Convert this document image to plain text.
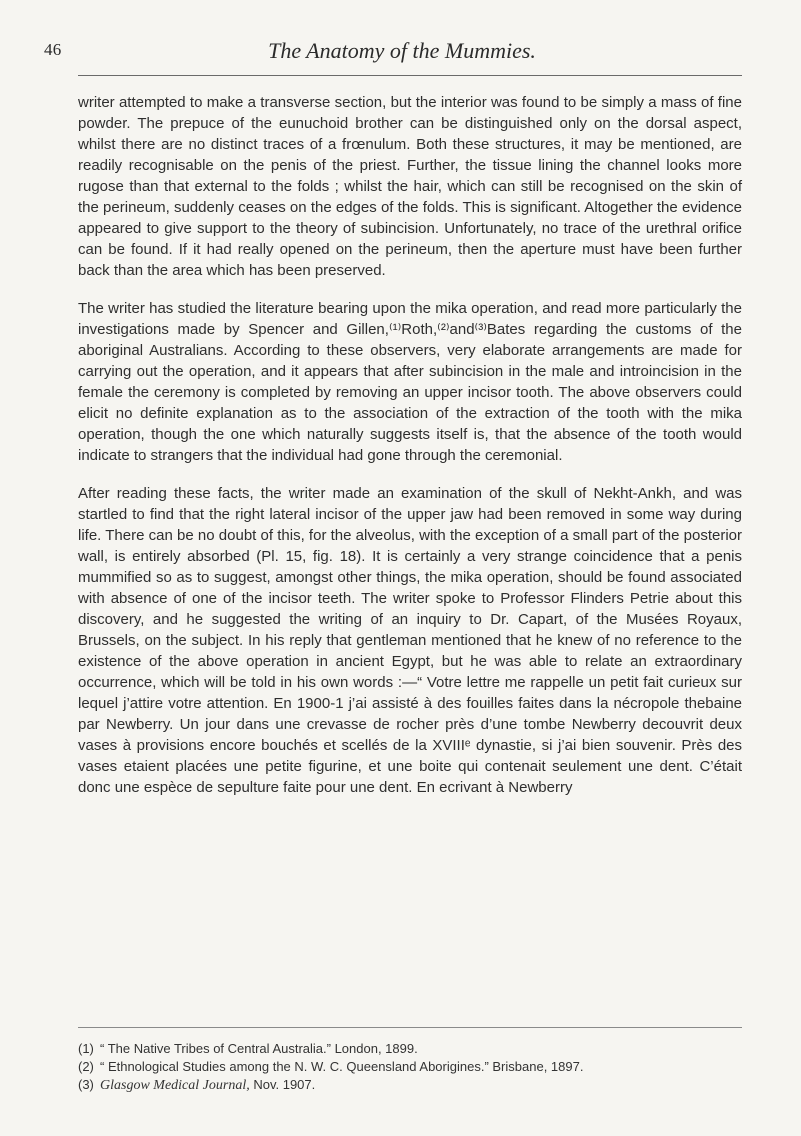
46	The Anatomy of the Mummies.

writer attempted to make a transverse section, but the interior was found to be simply a mass of fine powder. The prepuce of the eunuchoid brother can be distinguished only on the dorsal aspect, whilst there are no distinct traces of a frœnulum. Both these structures, it may be mentioned, are readily recognisable on the penis of the priest. Further, the tissue lining the channel looks more rugose than that external to the folds ; whilst the hair, which can still be recognised on the skin of the perineum, suddenly ceases on the edges of the folds. This is significant. Altogether the evidence appeared to give support to the theory of subincision. Unfortunately, no trace of the urethral orifice can be found. If it had really opened on the perineum, then the aperture must have been further back than the area which has been preserved.

The writer has studied the literature bearing upon the mika operation, and read more particularly the investigations made by Spencer and Gillen,⁽¹⁾Roth,⁽²⁾and⁽³⁾Bates regarding the customs of the aboriginal Australians. According to these observers, very elaborate arrangements are made for carrying out the operation, and it appears that after subincision in the male and introincision in the female the ceremony is completed by removing an upper incisor tooth. The above observers could elicit no definite explanation as to the association of the extraction of the tooth with the mika operation, though the one which naturally suggests itself is, that the absence of the tooth would indicate to strangers that the individual had gone through the ceremonial.

After reading these facts, the writer made an examination of the skull of Nekht-Ankh, and was startled to find that the right lateral incisor of the upper jaw had been removed in some way during life. There can be no doubt of this, for the alveolus, with the exception of a small part of the posterior wall, is entirely absorbed (Pl. 15, fig. 18). It is certainly a very strange coincidence that a penis mummified so as to suggest, amongst other things, the mika operation, should be found associated with absence of one of the incisor teeth. The writer spoke to Professor Flinders Petrie about this discovery, and he suggested the writing of an inquiry to Dr. Capart, of the Musées Royaux, Brussels, on the subject. In his reply that gentleman mentioned that he knew of no reference to the existence of the above operation in ancient Egypt, but he was able to relate an extraordinary occurrence, which will be told in his own words :—“ Votre lettre me rappelle un petit fait curieux sur lequel j’attire votre attention. En 1900-1 j’ai assisté à des fouilles faites dans la nécropole thebaine par Newberry. Un jour dans une crevasse de rocher près d’une tombe Newberry decouvrit deux vases à provisions encore bouchés et scellés de la XVIIIᵉ dynastie, si j’ai bien souvenir. Près des vases etaient placées une petite figurine, et une boite qui contenait seulement une dent. C’était donc une espèce de sepulture faite pour une dent. En ecrivant à Newberry

(1) “ The Native Tribes of Central Australia.” London, 1899.
(2) “ Ethnological Studies among the N. W. C. Queensland Aborigines.” Brisbane, 1897.
(3) Glasgow Medical Journal, Nov. 1907.
